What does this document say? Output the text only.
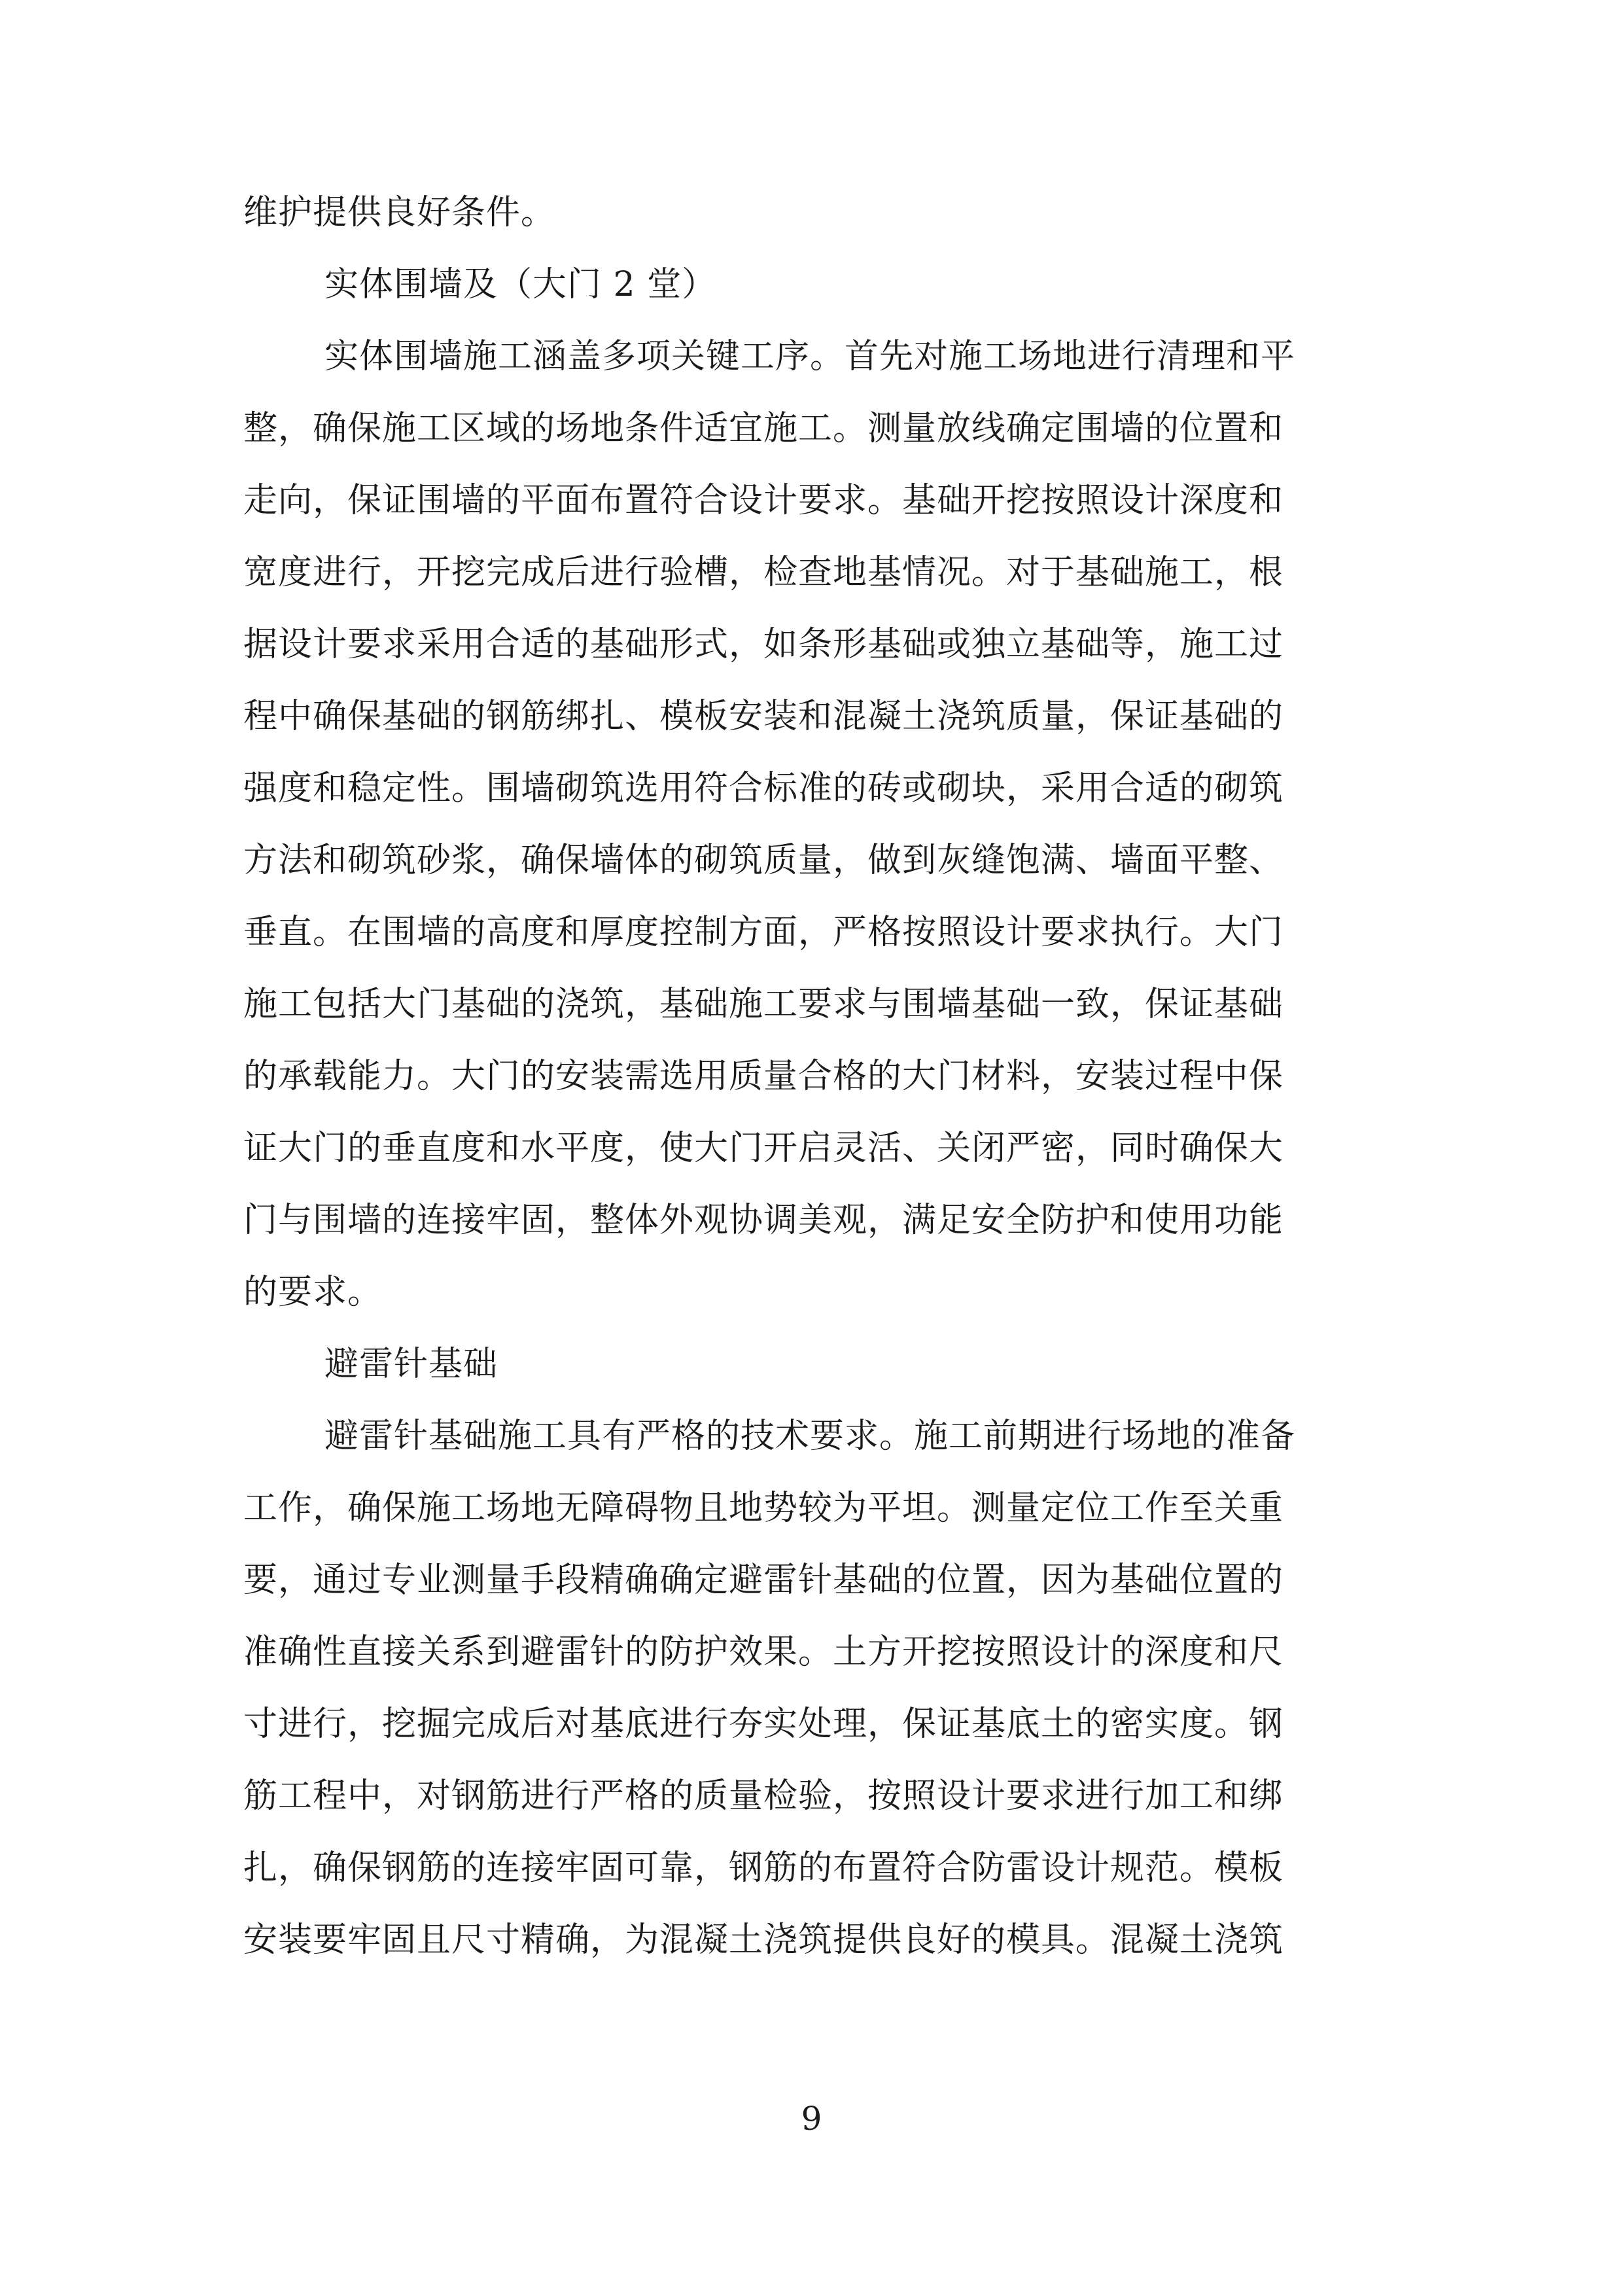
维护提供良好条件。
实体围墙及（大门 2 堂）
实体围墙施工涵盖多项关键工序。首先对施工场地进行清理和平
整，确保施工区域的场地条件适宜施工。测量放线确定围墙的位置和
走向，保证围墙的平面布置符合设计要求。基础开挖按照设计深度和
宽度进行，开挖完成后进行验槽，检查地基情况。对于基础施工，根
据设计要求采用合适的基础形式，如条形基础或独立基础等，施工过
程中确保基础的钢筋绑扎、模板安装和混凝土浇筑质量，保证基础的
强度和稳定性。围墙砌筑选用符合标准的砖或砌块，采用合适的砌筑
方法和砌筑砂浆，确保墙体的砌筑质量，做到灰缝饱满、墙面平整、
垂直。在围墙的高度和厚度控制方面，严格按照设计要求执行。大门
施工包括大门基础的浇筑，基础施工要求与围墙基础一致，保证基础
的承载能力。大门的安装需选用质量合格的大门材料，安装过程中保
证大门的垂直度和水平度，使大门开启灵活、关闭严密，同时确保大
门与围墙的连接牢固，整体外观协调美观，满足安全防护和使用功能
的要求。
避雷针基础
避雷针基础施工具有严格的技术要求。施工前期进行场地的准备
工作，确保施工场地无障碍物且地势较为平坦。测量定位工作至关重
要，通过专业测量手段精确确定避雷针基础的位置，因为基础位置的
准确性直接关系到避雷针的防护效果。土方开挖按照设计的深度和尺
寸进行，挖掘完成后对基底进行夯实处理，保证基底土的密实度。钢
筋工程中，对钢筋进行严格的质量检验，按照设计要求进行加工和绑
扎，确保钢筋的连接牢固可靠，钢筋的布置符合防雷设计规范。模板
安装要牢固且尺寸精确，为混凝土浇筑提供良好的模具。混凝土浇筑
9
